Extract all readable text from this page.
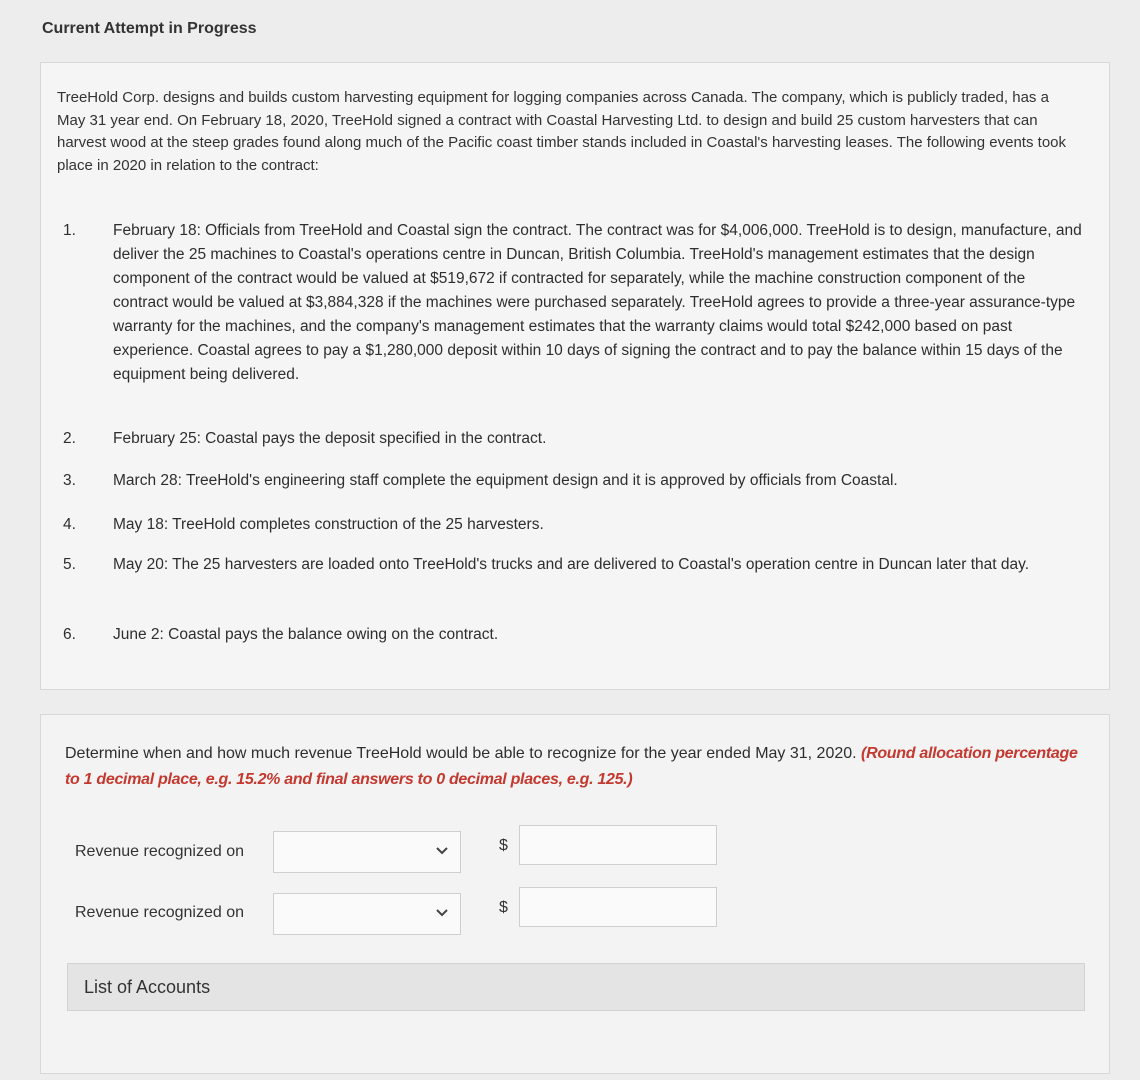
Current Attempt in Progress
TreeHold Corp. designs and builds custom harvesting equipment for logging companies across Canada. The company, which is publicly traded, has a May 31 year end. On February 18, 2020, TreeHold signed a contract with Coastal Harvesting Ltd. to design and build 25 custom harvesters that can harvest wood at the steep grades found along much of the Pacific coast timber stands included in Coastal's harvesting leases. The following events took place in 2020 in relation to the contract:
1.	February 18: Officials from TreeHold and Coastal sign the contract. The contract was for $4,006,000. TreeHold is to design, manufacture, and deliver the 25 machines to Coastal's operations centre in Duncan, British Columbia. TreeHold's management estimates that the design component of the contract would be valued at $519,672 if contracted for separately, while the machine construction component of the contract would be valued at $3,884,328 if the machines were purchased separately. TreeHold agrees to provide a three-year assurance-type warranty for the machines, and the company's management estimates that the warranty claims would total $242,000 based on past experience. Coastal agrees to pay a $1,280,000 deposit within 10 days of signing the contract and to pay the balance within 15 days of the equipment being delivered.
2.	February 25: Coastal pays the deposit specified in the contract.
3.	March 28: TreeHold's engineering staff complete the equipment design and it is approved by officials from Coastal.
4.	May 18: TreeHold completes construction of the 25 harvesters.
5.	May 20: The 25 harvesters are loaded onto TreeHold's trucks and are delivered to Coastal's operation centre in Duncan later that day.
6.	June 2: Coastal pays the balance owing on the contract.
Determine when and how much revenue TreeHold would be able to recognize for the year ended May 31, 2020. (Round allocation percentage to 1 decimal place, e.g. 15.2% and final answers to 0 decimal places, e.g. 125.)
Revenue recognized on	$
Revenue recognized on	$
List of Accounts
